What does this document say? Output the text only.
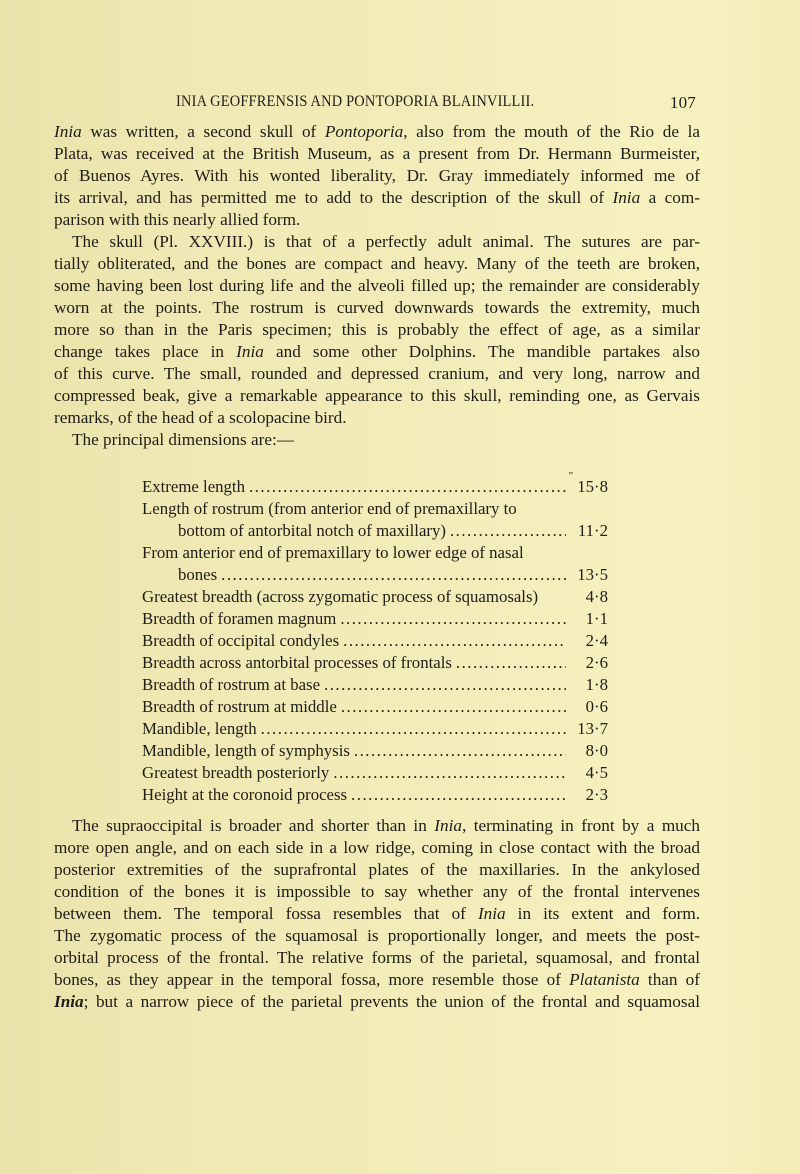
INIA GEOFFRENSIS AND PONTOPORIA BLAINVILLII.	107
Inia was written, a second skull of Pontoporia, also from the mouth of the Rio de la
Plata, was received at the British Museum, as a present from Dr. Hermann Burmeister,
of Buenos Ayres. With his wonted liberality, Dr. Gray immediately informed me of
its arrival, and has permitted me to add to the description of the skull of Inia a com-
parison with this nearly allied form.
The skull (Pl. XXVIII.) is that of a perfectly adult animal. The sutures are par-
tially obliterated, and the bones are compact and heavy. Many of the teeth are broken,
some having been lost during life and the alveoli filled up; the remainder are considerably
worn at the points. The rostrum is curved downwards towards the extremity, much
more so than in the Paris specimen; this is probably the effect of age, as a similar
change takes place in Inia and some other Dolphins. The mandible partakes also
of this curve. The small, rounded and depressed cranium, and very long, narrow and
compressed beak, give a remarkable appearance to this skull, reminding one, as Gervais
remarks, of the head of a scolopacine bird.
The principal dimensions are:—
″
Extreme length .....	15·8
Length of rostrum (from anterior end of premaxillary to
bottom of antorbital notch of maxillary) .....	11·2
From anterior end of premaxillary to lower edge of nasal
bones .....	13·5
Greatest breadth (across zygomatic process of squamosals)	4·8
Breadth of foramen magnum .....	1·1
Breadth of occipital condyles .....	2·4
Breadth across antorbital processes of frontals .....	2·6
Breadth of rostrum at base .....	1·8
Breadth of rostrum at middle .....	0·6
Mandible, length .....	13·7
Mandible, length of symphysis .....	8·0
Greatest breadth posteriorly .....	4·5
Height at the coronoid process .....	2·3
The supraoccipital is broader and shorter than in Inia, terminating in front by a much
more open angle, and on each side in a low ridge, coming in close contact with the broad
posterior extremities of the suprafrontal plates of the maxillaries. In the ankylosed
condition of the bones it is impossible to say whether any of the frontal intervenes
between them. The temporal fossa resembles that of Inia in its extent and form.
The zygomatic process of the squamosal is proportionally longer, and meets the post-
orbital process of the frontal. The relative forms of the parietal, squamosal, and frontal
bones, as they appear in the temporal fossa, more resemble those of Platanista than of
Inia; but a narrow piece of the parietal prevents the union of the frontal and squamosal
